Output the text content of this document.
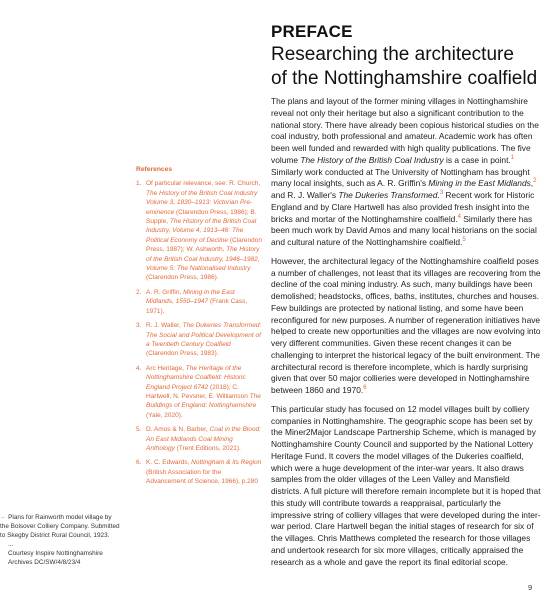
PREFACE
Researching the architecture
of the Nottinghamshire coalfield

The plans and layout of the former mining villages in Nottinghamshire reveal not only their heritage but also a significant contribution to the national story. There have already been copious historical studies on the coal industry, both professional and amateur. Academic work has often been well funded and rewarded with high quality publications. The five volume The History of the British Coal Industry is a case in point.$^1$ Similarly work conducted at The University of Nottingham has brought many local insights, such as A. R. Griffin's Mining in the East Midlands,$^2$ and R. J. Waller's The Dukeries Transformed.$^3$ Recent work for Historic England and by Clare Hartwell has also provided fresh insight into the bricks and mortar of the Nottinghamshire coalfield.$^4$ Similarly there has been much work by David Amos and many local historians on the social and cultural nature of the Nottinghamshire coalfield.$^5$

However, the architectural legacy of the Nottinghamshire coalfield poses a number of challenges, not least that its villages are recovering from the decline of the coal mining industry. As such, many buildings have been demolished; headstocks, offices, baths, institutes, churches and houses. Few buildings are protected by national listing, and some have been reconfigured for new purposes. A number of regeneration initiatives have helped to create new opportunities and the villages are now evolving into very different communities. Given these recent changes it can be challenging to interpret the historical legacy of the built environment. The architectural record is therefore incomplete, which is hardly surprising given that over 50 major collieries were developed in Nottinghamshire between 1860 and 1970.$^6$

This particular study has focused on 12 model villages built by colliery companies in Nottinghamshire. The geographic scope has been set by the Miner2Major Landscape Partnership Scheme, which is managed by Nottinghamshire County Council and supported by the National Lottery Heritage Fund. It covers the model villages of the Dukeries coalfield, which were a huge development of the inter-war years. It also draws samples from the older villages of the Leen Valley and Mansfield districts. A full picture will therefore remain incomplete but it is hoped that this study will contribute towards a reappraisal, particularly the impressive string of colliery villages that were developed during the inter-war period. Clare Hartwell began the initial stages of research for six of the villages. Chris Matthews completed the research for those villages and undertook research for six more villages, critically appraised the research as a whole and gave the report its final editorial scope.

References
1. Of particular relevance, see: R. Church, The History of the British Coal Industry Volume 3, 1830–1913: Victorian Pre-eminence (Clarendon Press, 1986); B. Supple, The History of the British Coal Industry, Volume 4, 1913–46: The Political Economy of Decline (Clarendon Press, 1987); W. Ashworth, The History of the British Coal Industry, 1946–1982, Volume 5: The Nationalised Industry (Clarendon Press, 1986).
2. A. R. Griffin, Mining in the East Midlands, 1550–1947 (Frank Cass, 1971).
3. R. J. Waller, The Dukeries Transformed: The Social and Political Development of a Twentieth Century Coalfield (Clarendon Press, 1983).
4. Arc Heritage, The Heritage of the Nottinghamshire Coalfield: Historic England Project 6742 (2018); C. Hartwell, N. Pevsner, E. Williamson The Buildings of England: Nottinghamshire (Yale, 2020).
5. D. Amos & N. Barber, Coal in the Blood: An East Midlands Coal Mining Anthology (Trent Editions, 2021).
6. K. C. Edwards, Nottingham & its Region (British Association for the Advancement of Science, 1966), p.280
← Plans for Rainworth model village by the Bolsover Colliery Company. Submitted to Skegby District Rural Council, 1923.
...
Courtesy Inspire Nottinghamshire Archives DC/SW/4/8/23/4
9
